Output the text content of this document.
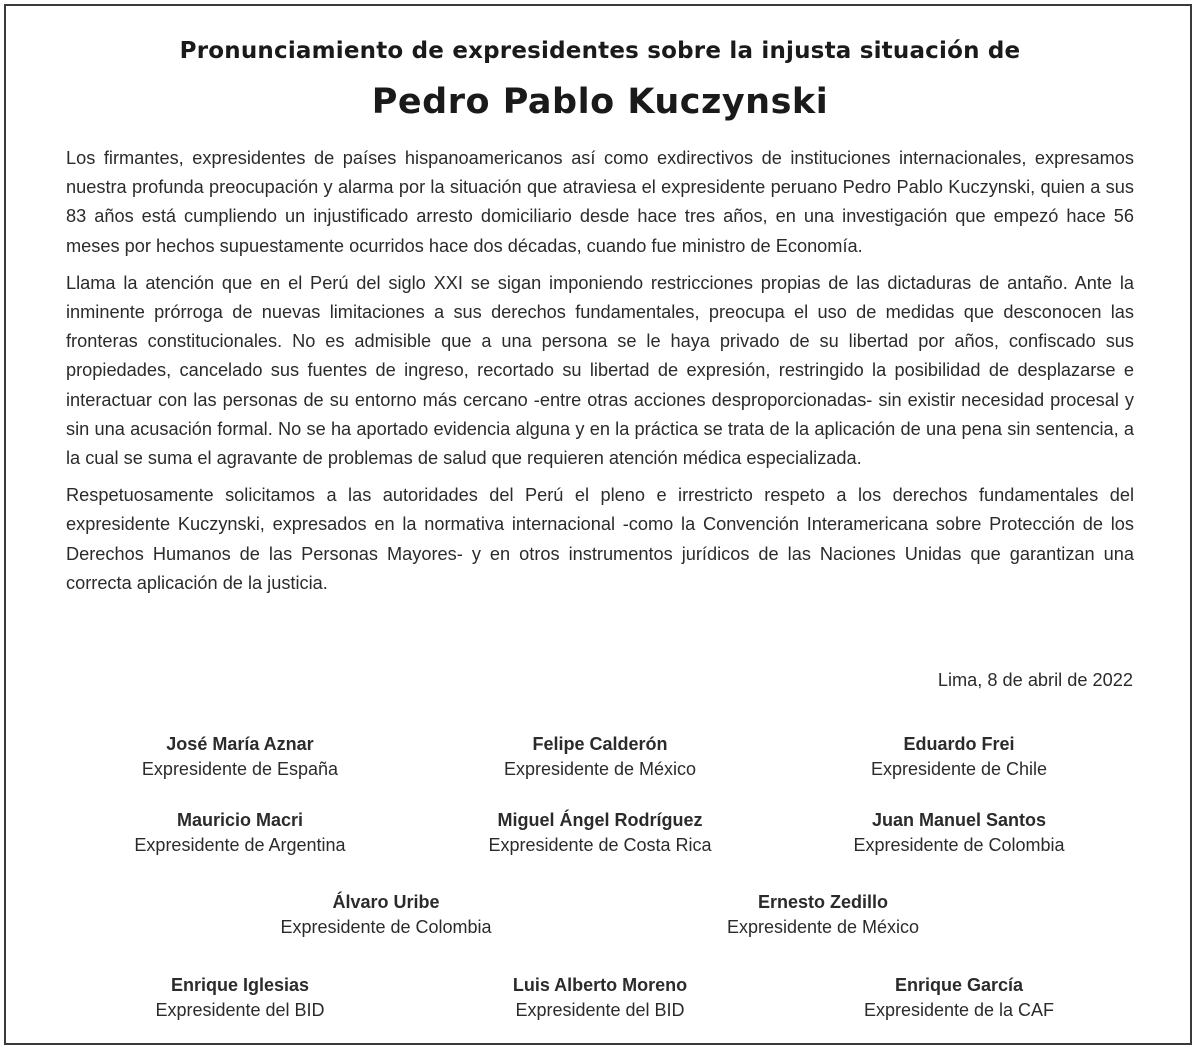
Pronunciamiento de expresidentes sobre la injusta situación de
Pedro Pablo Kuczynski

Los firmantes, expresidentes de países hispanoamericanos así como exdirectivos de instituciones internacionales, expresamos nuestra profunda preocupación y alarma por la situación que atraviesa el expresidente peruano Pedro Pablo Kuczynski, quien a sus 83 años está cumpliendo un injustificado arresto domiciliario desde hace tres años, en una investigación que empezó hace 56 meses por hechos supuestamente ocurridos hace dos décadas, cuando fue ministro de Economía.

Llama la atención que en el Perú del siglo XXI se sigan imponiendo restricciones propias de las dictaduras de antaño. Ante la inminente prórroga de nuevas limitaciones a sus derechos fundamentales, preocupa el uso de medidas que desconocen las fronteras constitucionales. No es admisible que a una persona se le haya privado de su libertad por años, confiscado sus propiedades, cancelado sus fuentes de ingreso, recortado su libertad de expresión, restringido la posibilidad de desplazarse e interactuar con las personas de su entorno más cercano -entre otras acciones desproporcionadas- sin existir necesidad procesal y sin una acusación formal. No se ha aportado evidencia alguna y en la práctica se trata de la aplicación de una pena sin sentencia, a la cual se suma el agravante de problemas de salud que requieren atención médica especializada.

Respetuosamente solicitamos a las autoridades del Perú el pleno e irrestricto respeto a los derechos fundamentales del expresidente Kuczynski, expresados en la normativa internacional -como la Convención Interamericana sobre Protección de los Derechos Humanos de las Personas Mayores- y en otros instrumentos jurídicos de las Naciones Unidas que garantizan una correcta aplicación de la justicia.

Lima, 8 de abril de 2022
José María Aznar
Expresidente de España
Felipe Calderón
Expresidente de México
Eduardo Frei
Expresidente de Chile
Mauricio Macri
Expresidente de Argentina
Miguel Ángel Rodríguez
Expresidente de Costa Rica
Juan Manuel Santos
Expresidente de Colombia
Álvaro Uribe
Expresidente de Colombia
Ernesto Zedillo
Expresidente de México
Enrique Iglesias
Expresidente del BID
Luis Alberto Moreno
Expresidente del BID
Enrique García
Expresidente de la CAF
